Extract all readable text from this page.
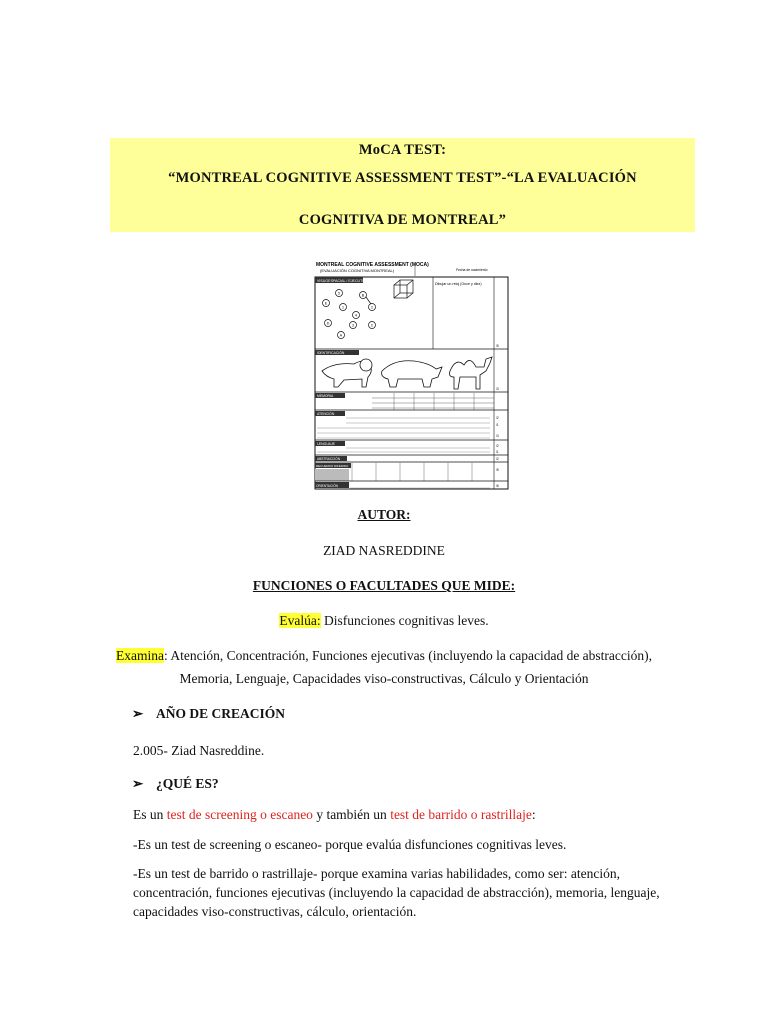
MoCA TEST:
“MONTREAL COGNITIVE ASSESSMENT TEST”-“LA EVALUACIÓN
COGNITIVA DE MONTREAL”
MONTREAL COGNITIVE ASSESSMENT (MOCA)
(EVALUACIÓN COGNITIVA MONTREAL)	Fecha de nacimiento
VISUOESPACIAL / EJECUTIVA
5
E
1
B
2
4
D	3	C
A
Dibujar un reloj (Once y diez)
/5
IDENTIFICACIÓN
/3
MEMORIA
ATENCIÓN
/2
/1
/3
LENGUAJE	/2
/1
ABSTRACCIÓN	/2
RECUERDO DIFERIDO
/5
ORIENTACIÓN	/6
AUTOR:
ZIAD NASREDDINE
FUNCIONES O FACULTADES QUE MIDE:
Evalúa: Disfunciones cognitivas leves.
Examina: Atención, Concentración, Funciones ejecutivas (incluyendo la capacidad de abstracción),
Memoria, Lenguaje, Capacidades viso-constructivas, Cálculo y Orientación
➢ AÑO DE CREACIÓN
2.005- Ziad Nasreddine.
➢ ¿QUÉ ES?
Es un test de screening o escaneo y también un test de barrido o rastrillaje:
-Es un test de screening o escaneo- porque evalúa disfunciones cognitivas leves.
-Es un test de barrido o rastrillaje- porque examina varias habilidades, como ser: atención,
concentración, funciones ejecutivas (incluyendo la capacidad de abstracción), memoria, lenguaje,
capacidades viso-constructivas, cálculo, orientación.
